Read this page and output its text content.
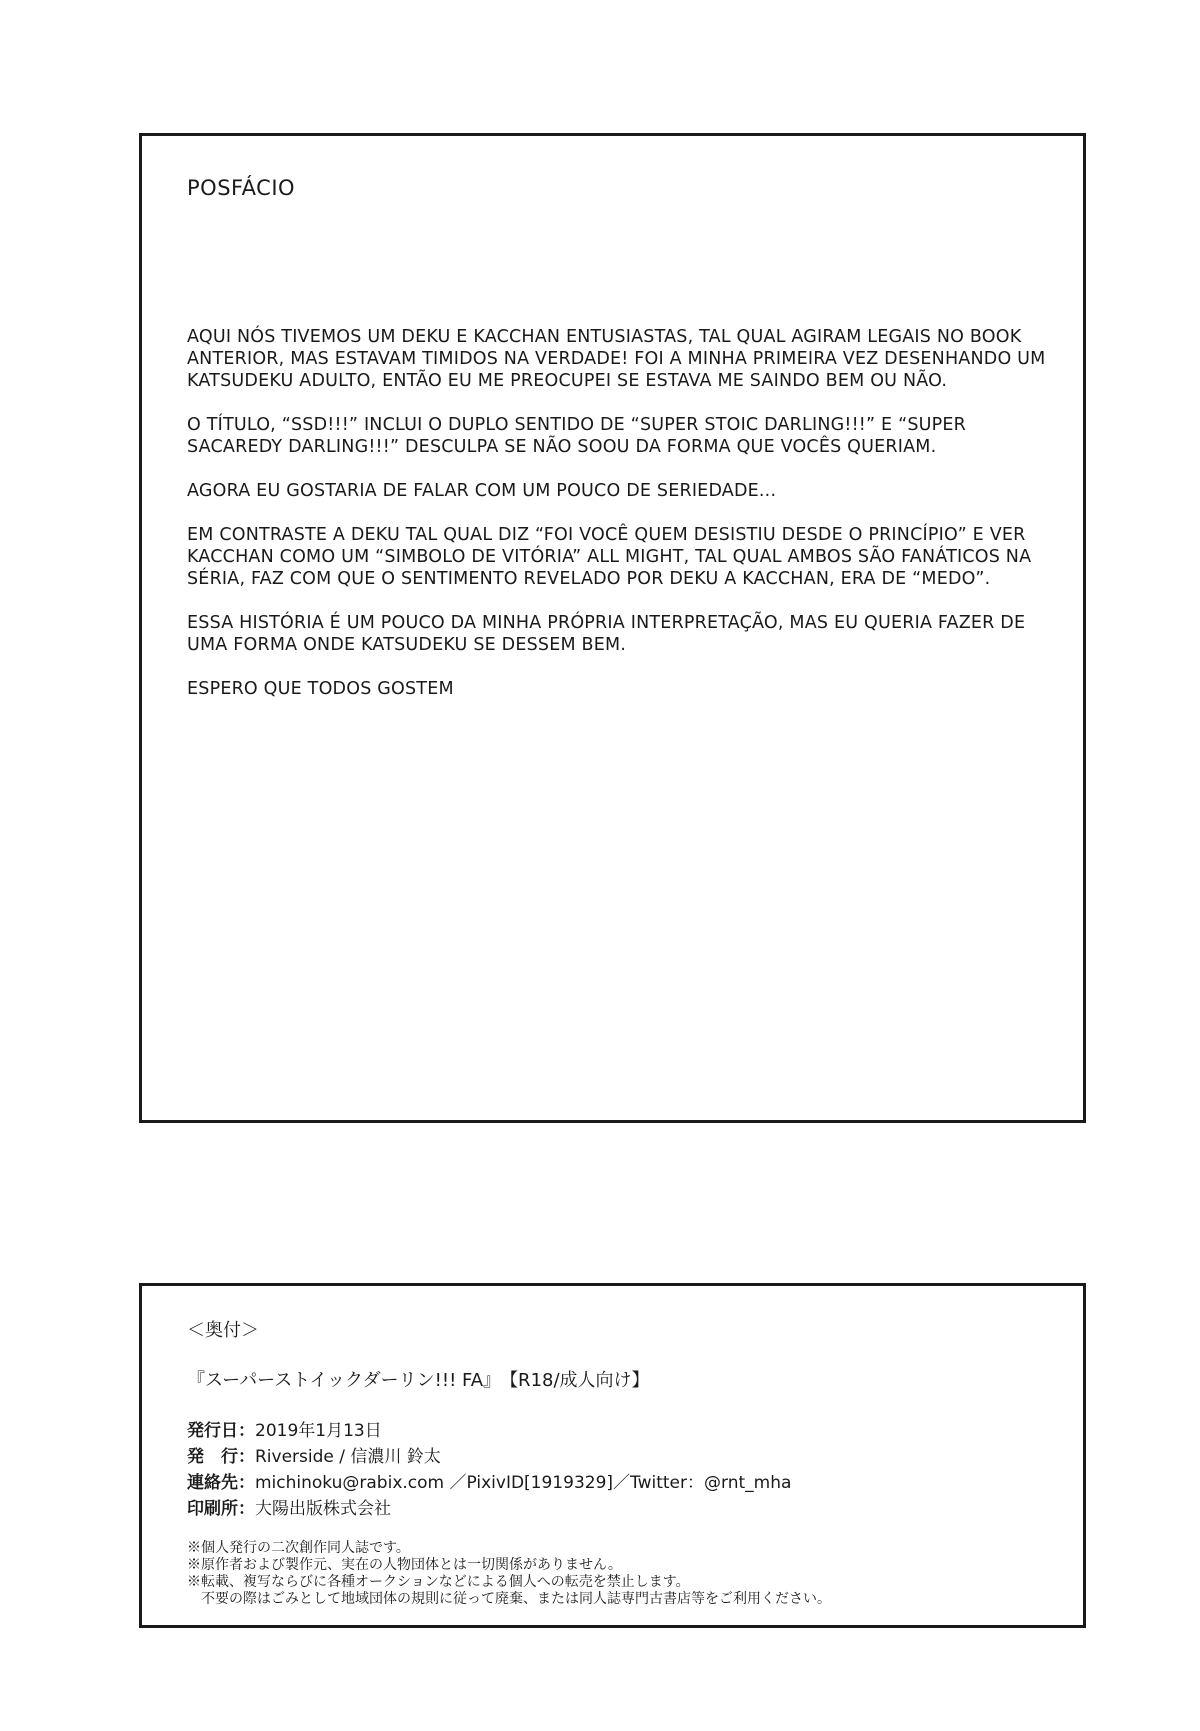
POSFÁCIO

AQUI NÓS TIVEMOS UM DEKU E KACCHAN ENTUSIASTAS, TAL QUAL AGIRAM LEGAIS NO BOOK ANTERIOR, MAS ESTAVAM TIMIDOS NA VERDADE! FOI A MINHA PRIMEIRA VEZ DESENHANDO UM KATSUDEKU ADULTO, ENTÃO EU ME PREOCUPEI SE ESTAVA ME SAINDO BEM OU NÃO.

O TÍTULO, “SSD!!!” INCLUI O DUPLO SENTIDO DE “SUPER STOIC DARLING!!!” E “SUPER SACAREDY DARLING!!!” DESCULPA SE NÃO SOOU DA FORMA QUE VOCÊS QUERIAM.

AGORA EU GOSTARIA DE FALAR COM UM POUCO DE SERIEDADE...

EM CONTRASTE A DEKU TAL QUAL DIZ “FOI VOCÊ QUEM DESISTIU DESDE O PRINCÍPIO” E VER KACCHAN COMO UM “SIMBOLO DE VITÓRIA” ALL MIGHT, TAL QUAL AMBOS SÃO FANÁTICOS NA SÉRIA, FAZ COM QUE O SENTIMENTO REVELADO POR DEKU A KACCHAN, ERA DE “MEDO”.

ESSA HISTÓRIA É UM POUCO DA MINHA PRÓPRIA INTERPRETAÇÃO, MAS EU QUERIA FAZER DE UMA FORMA ONDE KATSUDEKU SE DESSEM BEM.

ESPERO QUE TODOS GOSTEM

＜奥付＞
『スーパーストイックダーリン!!! FA』 【R18/成人向け】
発行日： 2019年1月13日
発　行： Riverside / 信濃川 鈴太
連絡先： michinoku@rabix.com ／PixivID[1919329]／Twitter：@rnt_mha
印刷所： 大陽出版株式会社
※個人発行の二次創作同人誌です。
※原作者および製作元、実在の人物団体とは一切関係がありません。
※転載、複写ならびに各種オークションなどによる個人への転売を禁止します。
　不要の際はごみとして地域団体の規則に従って廃棄、または同人誌専門古書店等をご利用ください。
